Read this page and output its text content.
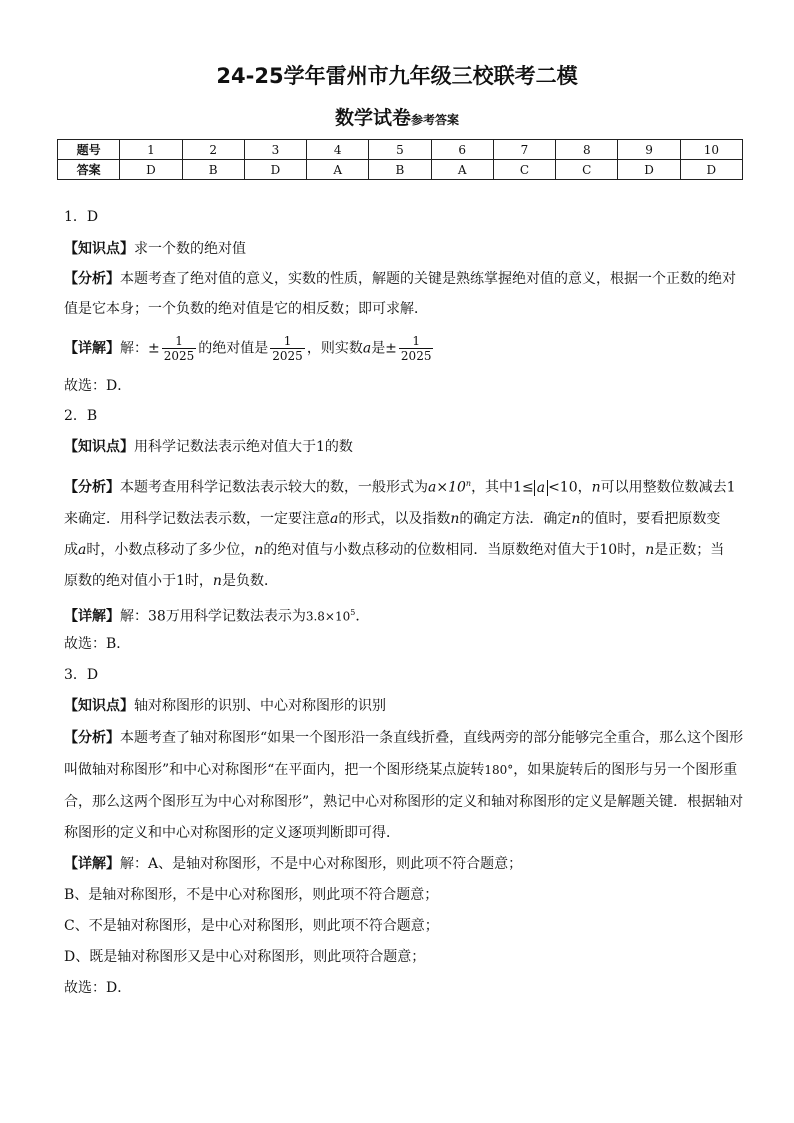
24-25学年雷州市九年级三校联考二模
数学试卷参考答案
题号	1	2	3	4	5	6	7	8	9	10
答案	D	B	D	A	B	A	C	C	D	D
1．D
【知识点】求一个数的绝对值
【分析】本题考查了绝对值的意义，实数的性质，解题的关键是熟练掌握绝对值的意义，根据一个正数的绝对
值是它本身；一个负数的绝对值是它的相反数；即可求解．
【详解】解：± $\frac{1}{2025}$ 的绝对值是 $\frac{1}{2025}$ ，则实数a是± $\frac{1}{2025}$
故选：D．
2．B
【知识点】用科学记数法表示绝对值大于1的数
【分析】本题考查用科学记数法表示较大的数，一般形式为$a\times 10^n$，其中1≤ a <10，n可以用整数位数减去1
来确定．用科学记数法表示数，一定要注意a的形式，以及指数n的确定方法．确定n的值时，要看把原数变
成a时，小数点移动了多少位，n的绝对值与小数点移动的位数相同．当原数绝对值大于10时，n是正数；当
原数的绝对值小于1时，n是负数．
【详解】解：38万用科学记数法表示为$3.8\times 10^5$．
故选：B．
3．D
【知识点】轴对称图形的识别、中心对称图形的识别
【分析】本题考查了轴对称图形“如果一个图形沿一条直线折叠，直线两旁的部分能够完全重合，那么这个图形
叫做轴对称图形”和中心对称图形“在平面内，把一个图形绕某点旋转180°，如果旋转后的图形与另一个图形重
合，那么这两个图形互为中心对称图形”，熟记中心对称图形的定义和轴对称图形的定义是解题关键．根据轴对
称图形的定义和中心对称图形的定义逐项判断即可得．
【详解】解：A、是轴对称图形，不是中心对称图形，则此项不符合题意；
B、是轴对称图形，不是中心对称图形，则此项不符合题意；
C、不是轴对称图形，是中心对称图形，则此项不符合题意；
D、既是轴对称图形又是中心对称图形，则此项符合题意；
故选：D．
